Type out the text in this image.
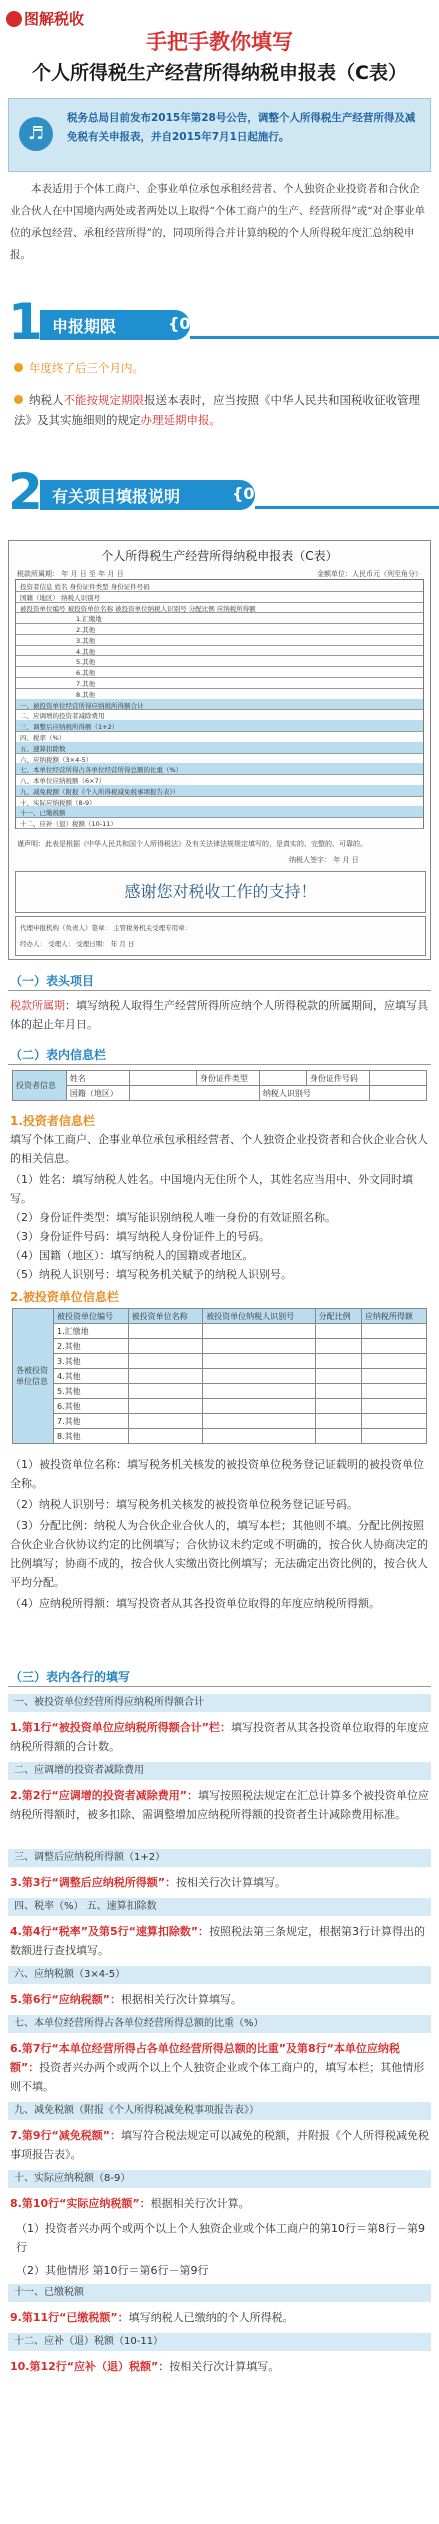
图解税收
手把手教你填写
个人所得税生产经营所得纳税申报表（C表）
♬
税务总局目前发布2015年第28号公告，调整个人所得税生产经营所得及减免税有关申报表，并自2015年7月1日起施行。
本表适用于个体工商户、企事业单位承包承租经营者、个人独资企业投资者和合伙企业合伙人在中国境内两处或者两处以上取得“个体工商户的生产、经营所得”或“对企事业单位的承包经营、承租经营所得”的，同项所得合并计算纳税的个人所得税年度汇总纳税申报。
1 申报期限	{0
年度终了后三个月内。
纳税人不能按规定期限报送本表时，应当按照《中华人民共和国税收征收管理法》及其实施细则的规定办理延期申报。
2 有关项目填报说明	{0
个人所得税生产经营所得纳税申报表（C表）
税款所属期： 年 月 日 至 年 月 日	金额单位：人民币元（列至角分）
投资者信息 姓名 身份证件类型 身份证件号码
国籍（地区） 纳税人识别号
被投资单位编号 被投资单位名称 被投资单位纳税人识别号 分配比例 应纳税所得额
1.汇缴地
2.其他
3.其他
4.其他
5.其他
6.其他
7.其他
8.其他
一、被投资单位经营所得应纳税所得额合计
二、应调增的投资者减除费用
三、调整后应纳税所得额（1+2）
四、税率（%）
五、速算扣除数
六、应纳税额（3×4-5）
七、本单位经营所得占各单位经营所得总额的比重（%）
八、本单位应纳税额（6×7）
九、减免税额（附报《个人所得税减免税事项报告表》）
十、实际应纳税额（8-9）
十一、已缴税额
十二、应补（退）税额（10-11）
谨声明：此表是根据《中华人民共和国个人所得税法》及有关法律法规规定填写的，是真实的、完整的、可靠的。
纳税人签字： 年 月 日
感谢您对税收工作的支持！
代理申报机构（负责人）签章： 主管税务机关受理专用章：
经办人： 受理人： 受理日期： 年 月 日
（一）表头项目
税款所属期：填写纳税人取得生产经营所得所应纳个人所得税款的所属期间，应填写具体的起止年月日。
（二）表内信息栏
投资者信息	姓名		身份证件类型		身份证件号码	
	国籍（地区）			纳税人识别号		
1.投资者信息栏
填写个体工商户、企事业单位承包承租经营者、个人独资企业投资者和合伙企业合伙人的相关信息。
（1）姓名：填写纳税人姓名。中国境内无住所个人，其姓名应当用中、外文同时填写。
（2）身份证件类型：填写能识别纳税人唯一身份的有效证照名称。
（3）身份证件号码：填写纳税人身份证件上的号码。
（4）国籍（地区）：填写纳税人的国籍或者地区。
（5）纳税人识别号：填写税务机关赋予的纳税人识别号。
2.被投资单位信息栏
各被投资单位信息	被投资单位编号	被投资单位名称	被投资单位纳税人识别号	分配比例	应纳税所得额
	1.汇缴地				
	2.其他				
	3.其他				
	4.其他				
	5.其他				
	6.其他				
	7.其他				
	8.其他				
（1）被投资单位名称：填写税务机关核发的被投资单位税务登记证载明的被投资单位全称。
（2）纳税人识别号：填写税务机关核发的被投资单位税务登记证号码。
（3）分配比例：纳税人为合伙企业合伙人的，填写本栏；其他则不填。分配比例按照合伙企业合伙协议约定的比例填写；合伙协议未约定或不明确的，按合伙人协商决定的比例填写；协商不成的，按合伙人实缴出资比例填写；无法确定出资比例的，按合伙人平均分配。
（4）应纳税所得额：填写投资者从其各投资单位取得的年度应纳税所得额。
（三）表内各行的填写
一、被投资单位经营所得应纳税所得额合计
1.第1行“被投资单位应纳税所得额合计”栏：填写投资者从其各投资单位取得的年度应纳税所得额的合计数。
二、应调增的投资者减除费用
2.第2行“应调增的投资者减除费用”：填写按照税法规定在汇总计算多个被投资单位应纳税所得额时，被多扣除、需调整增加应纳税所得额的投资者生计减除费用标准。
三、调整后应纳税所得额（1+2）
3.第3行“调整后应纳税所得额”：按相关行次计算填写。
四、税率（%） 五、速算扣除数
4.第4行“税率”及第5行“速算扣除数”：按照税法第三条规定，根据第3行计算得出的数额进行查找填写。
六、应纳税额（3×4-5）
5.第6行“应纳税额”：根据相关行次计算填写。
七、本单位经营所得占各单位经营所得总额的比重（%）
6.第7行“本单位经营所得占各单位经营所得总额的比重”及第8行“本单位应纳税额”：投资者兴办两个或两个以上个人独资企业或个体工商户的，填写本栏；其他情形则不填。
九、减免税额（附报《个人所得税减免税事项报告表》）
7.第9行“减免税额”：填写符合税法规定可以减免的税额，并附报《个人所得税减免税事项报告表》。
十、实际应纳税额（8-9）
8.第10行“实际应纳税额”：根据相关行次计算。
（1）投资者兴办两个或两个以上个人独资企业或个体工商户的第10行＝第8行－第9行
（2）其他情形 第10行＝第6行－第9行
十一、已缴税额
9.第11行“已缴税额”：填写纳税人已缴纳的个人所得税。
十二、应补（退）税额（10-11）
10.第12行“应补（退）税额”：按相关行次计算填写。
